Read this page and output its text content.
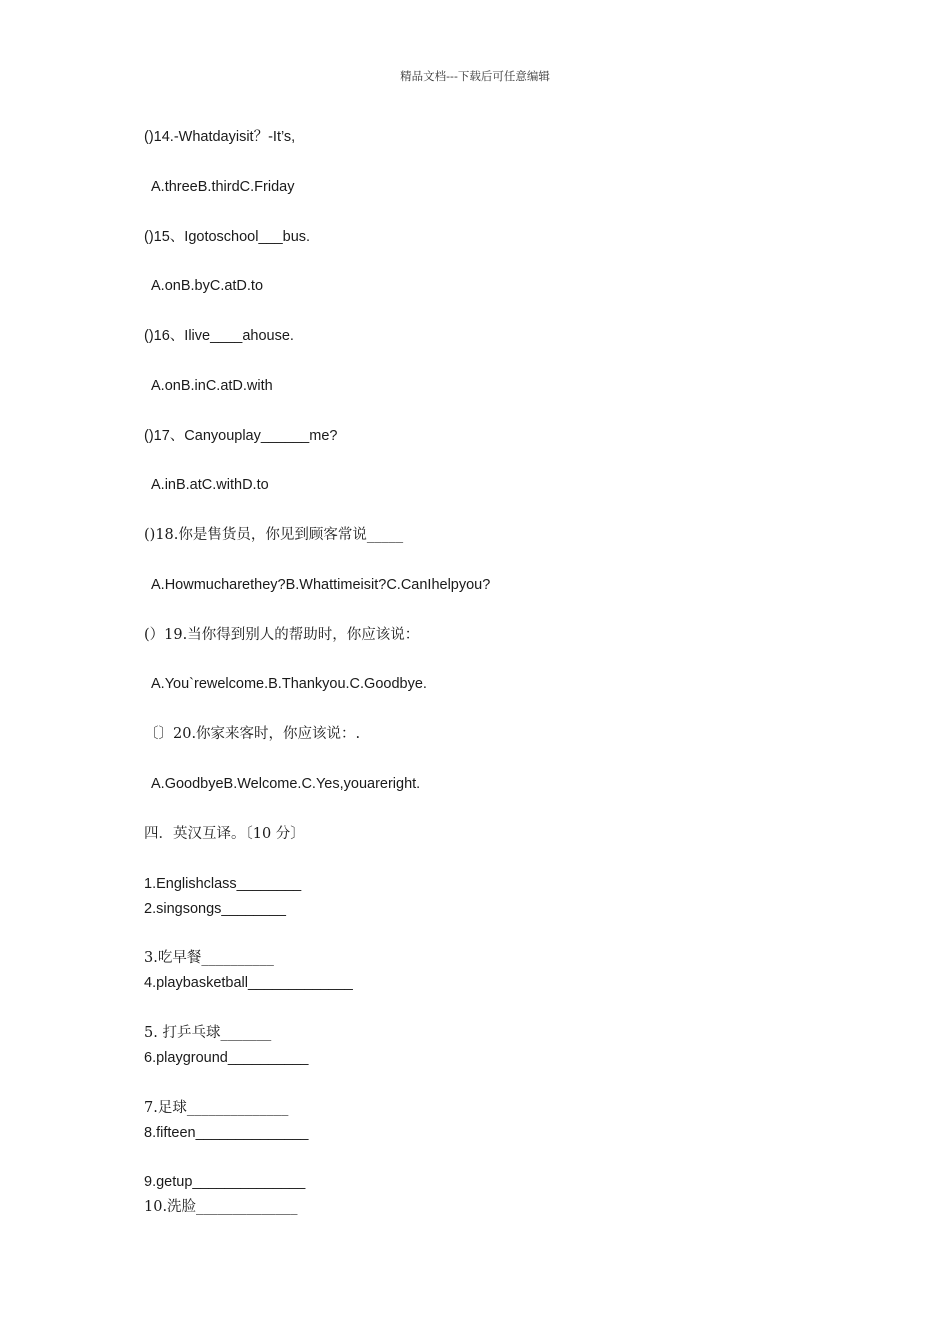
精品文档---下载后可任意编辑
()14.-Whatdayisit？-It’s,
A.threeB.thirdC.Friday
()15、Igotoschool___bus.
A.onB.byC.atD.to
()16、Ilive____ahouse.
A.onB.inC.atD.with
()17、Canyouplay______me?
A.inB.atC.withD.to
()18.你是售货员，你见到顾客常说_____
A.Howmucharethey?B.Whattimeisit?C.CanIhelpyou?
(）19.当你得到别人的帮助时，你应该说：
A.You`rewelcome.B.Thankyou.C.Goodbye.
〔〕20.你家来客时，你应该说：.
A.GoodbyeB.Welcome.C.Yes,youareright.
四．英汉互译。〔10 分〕
1.Englishclass________
2.singsongs________
3.吃早餐__________
4.playbasketball_____________
5. 打乒乓球_______
6.playground__________
7.足球______________
8.fifteen______________
9.getup______________
10.洗脸______________
